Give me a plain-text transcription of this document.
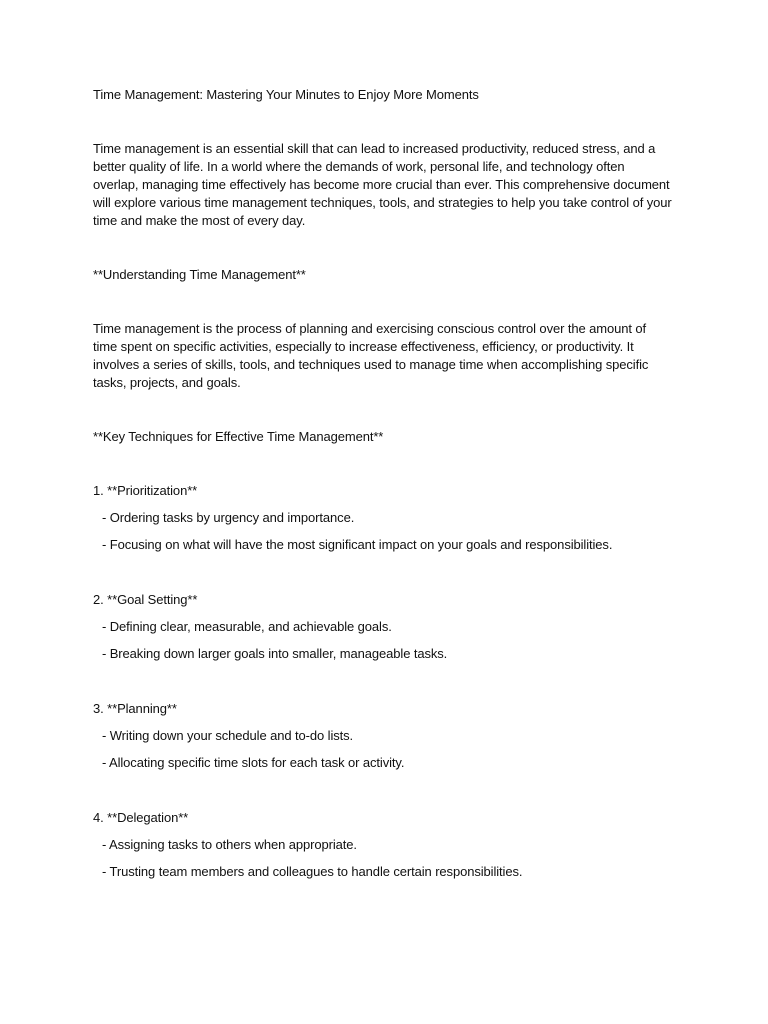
Time Management: Mastering Your Minutes to Enjoy More Moments

Time management is an essential skill that can lead to increased productivity, reduced stress, and a better quality of life. In a world where the demands of work, personal life, and technology often overlap, managing time effectively has become more crucial than ever. This comprehensive document will explore various time management techniques, tools, and strategies to help you take control of your time and make the most of every day.

**Understanding Time Management**

Time management is the process of planning and exercising conscious control over the amount of time spent on specific activities, especially to increase effectiveness, efficiency, or productivity. It involves a series of skills, tools, and techniques used to manage time when accomplishing specific tasks, projects, and goals.

**Key Techniques for Effective Time Management**

1. **Prioritization**

- Ordering tasks by urgency and importance.

- Focusing on what will have the most significant impact on your goals and responsibilities.

2. **Goal Setting**

- Defining clear, measurable, and achievable goals.

- Breaking down larger goals into smaller, manageable tasks.

3. **Planning**

- Writing down your schedule and to-do lists.

- Allocating specific time slots for each task or activity.

4. **Delegation**

- Assigning tasks to others when appropriate.

- Trusting team members and colleagues to handle certain responsibilities.
